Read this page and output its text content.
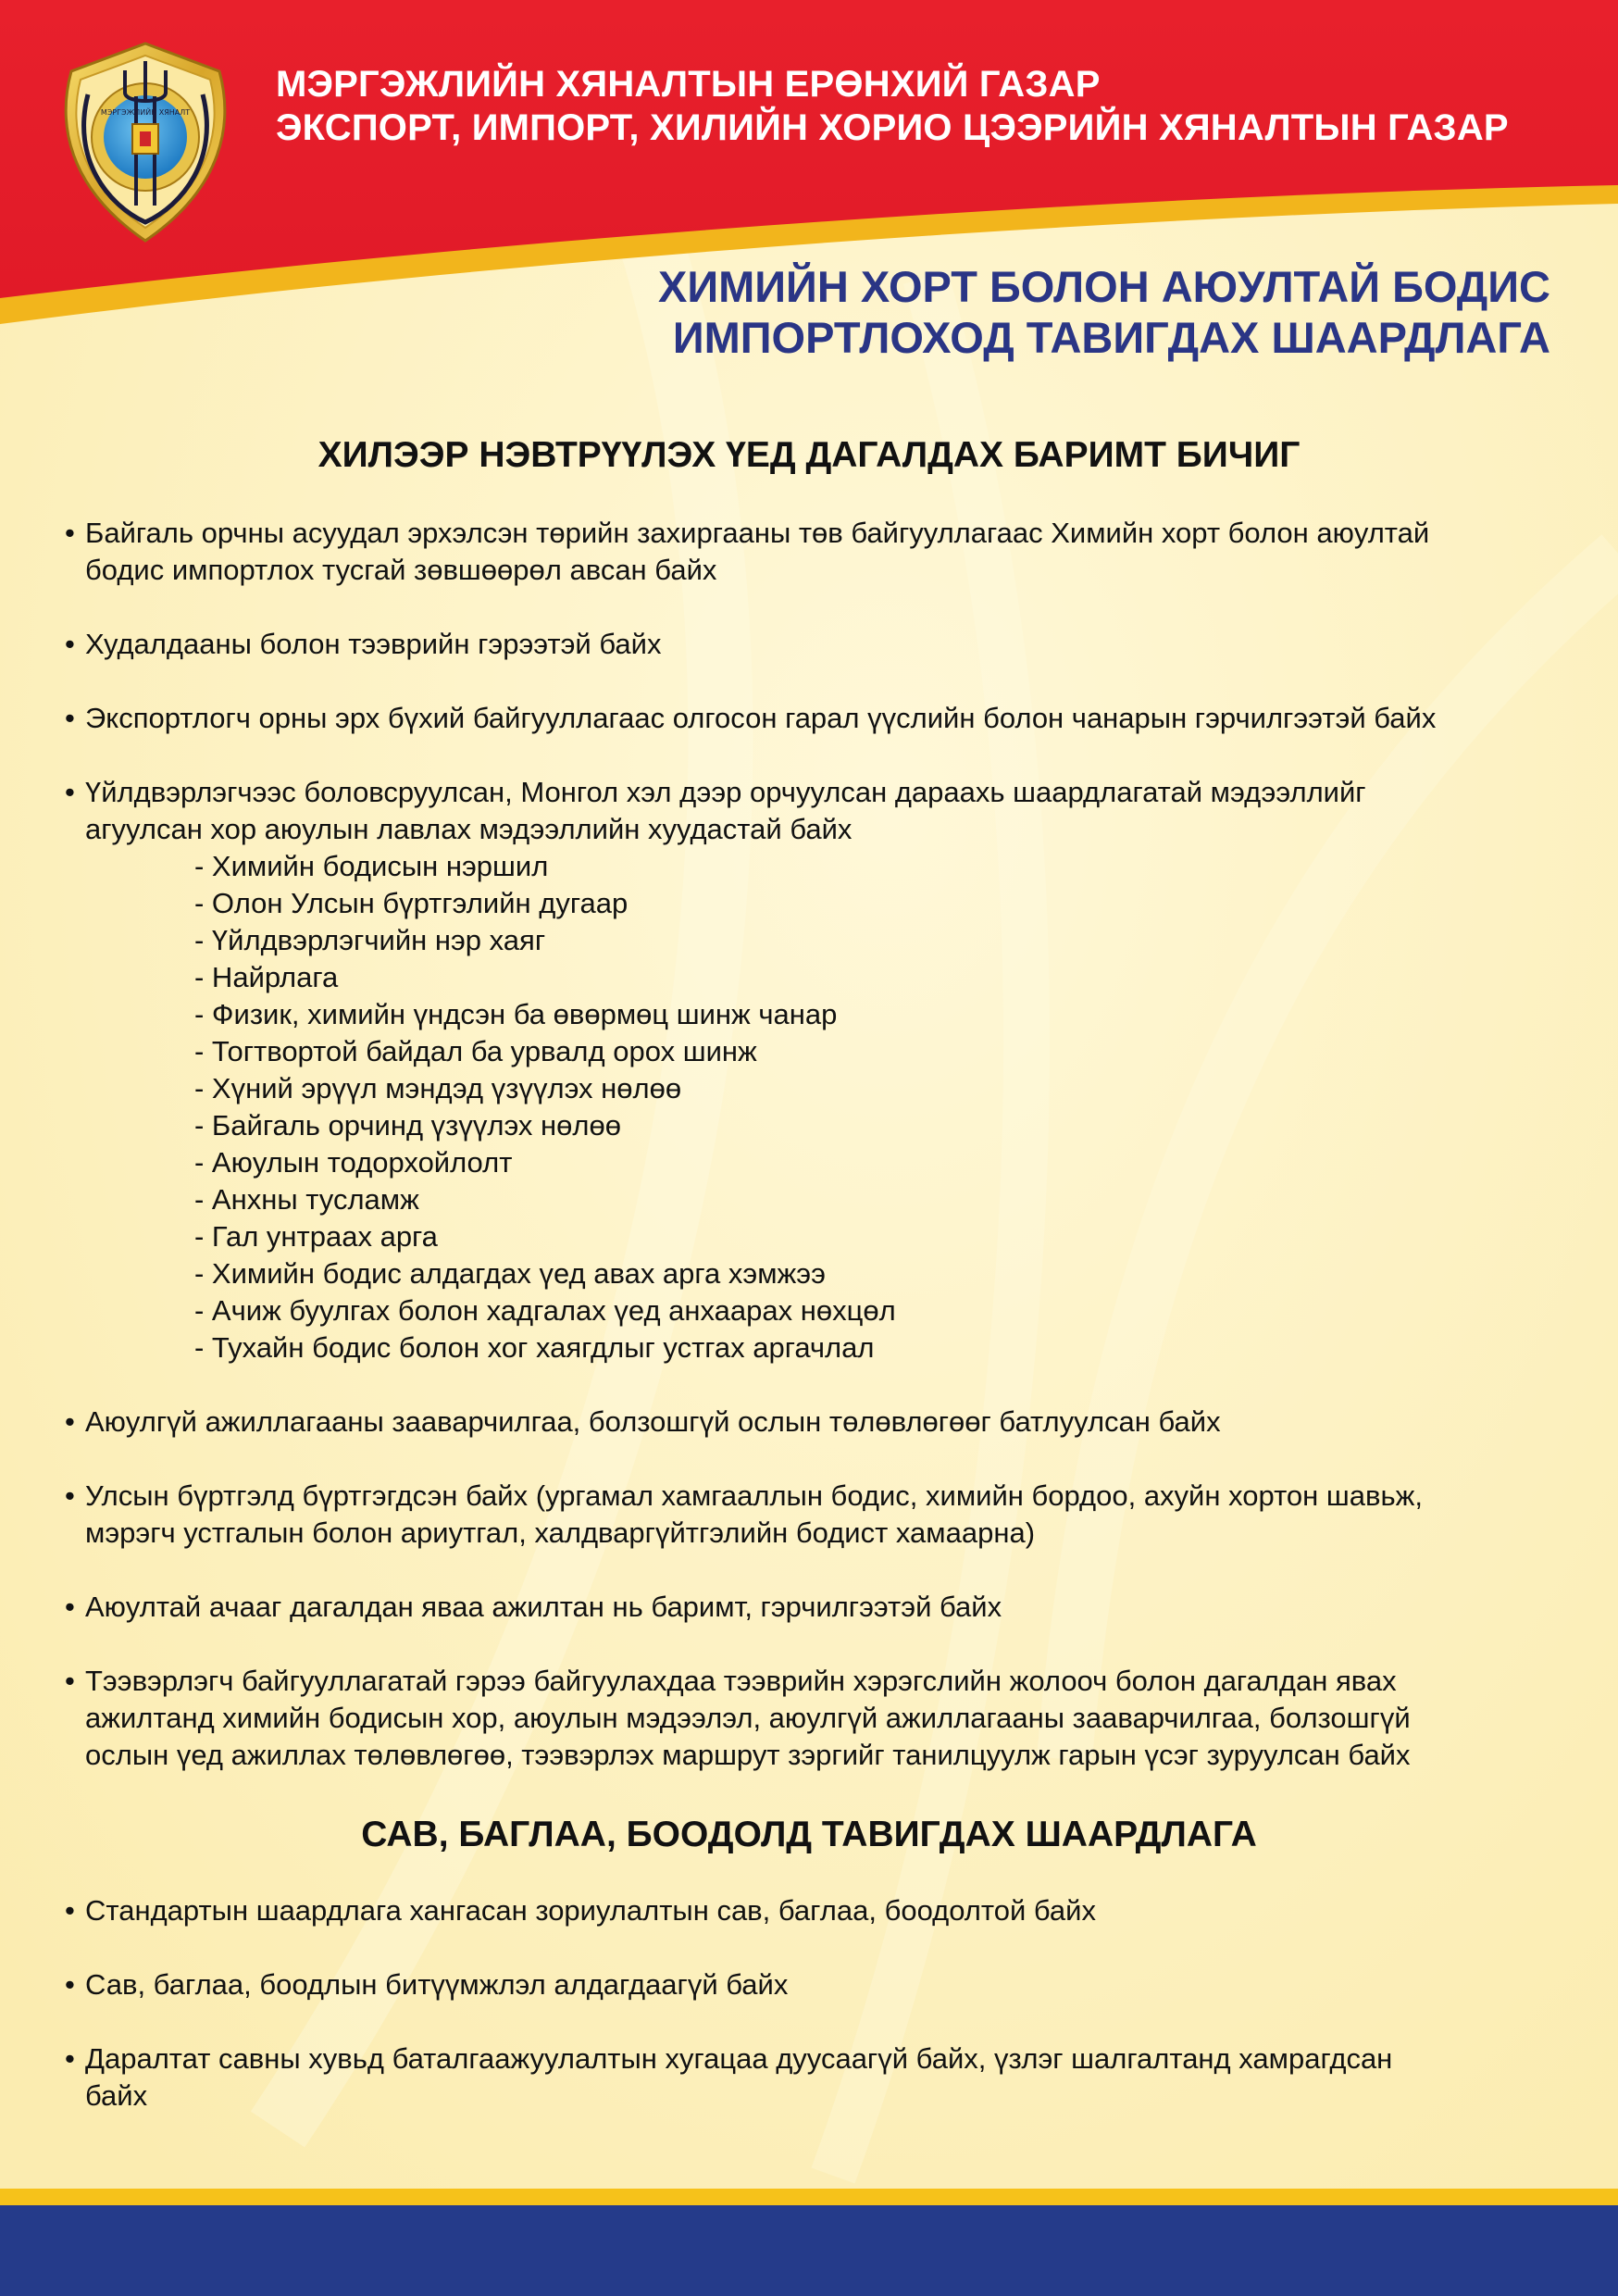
МЭРГЭЖЛИЙН ХЯНАЛТ
МЭРГЭЖЛИЙН ХЯНАЛТЫН ЕРӨНХИЙ ГАЗАР
ЭКСПОРТ, ИМПОРТ, ХИЛИЙН ХОРИО ЦЭЭРИЙН ХЯНАЛТЫН ГАЗАР
ХИМИЙН ХОРТ БОЛОН АЮУЛТАЙ БОДИС
ИМПОРТЛОХОД ТАВИГДАХ ШААРДЛАГА
ХИЛЭЭР НЭВТРҮҮЛЭХ ҮЕД ДАГАЛДАХ БАРИМТ БИЧИГ
• Байгаль орчны асуудал эрхэлсэн төрийн захиргааны төв байгууллагаас Химийн хорт болон аюултай
бодис импортлох тусгай зөвшөөрөл авсан байх
• Худалдааны болон тээврийн гэрээтэй байх
• Экспортлогч орны эрх бүхий байгууллагаас олгосон гарал үүслийн болон чанарын гэрчилгээтэй байх
• Үйлдвэрлэгчээс боловсруулсан, Монгол хэл дээр орчуулсан дараахь шаардлагатай мэдээллийг
агуулсан хор аюулын лавлах мэдээллийн хуудастай байх
- Химийн бодисын нэршил
- Олон Улсын бүртгэлийн дугаар
- Үйлдвэрлэгчийн нэр хаяг
- Найрлага
- Физик, химийн үндсэн ба өвөрмөц шинж чанар
- Тогтвортой байдал ба урвалд орох шинж
- Хүний эрүүл мэндэд үзүүлэх нөлөө
- Байгаль орчинд үзүүлэх нөлөө
- Аюулын тодорхойлолт
- Анхны тусламж
- Гал унтраах арга
- Химийн бодис алдагдах үед авах арга хэмжээ
- Ачиж буулгах болон хадгалах үед анхаарах нөхцөл
- Тухайн бодис болон хог хаягдлыг устгах аргачлал
• Аюулгүй ажиллагааны зааварчилгаа, болзошгүй ослын төлөвлөгөөг батлуулсан байх
• Улсын бүртгэлд бүртгэгдсэн байх (ургамал хамгааллын бодис, химийн бордоо, ахуйн хортон шавьж,
мэрэгч устгалын болон ариутгал, халдваргүйтгэлийн бодист хамаарна)
• Аюултай ачааг дагалдан яваа ажилтан нь баримт, гэрчилгээтэй байх
• Тээвэрлэгч байгууллагатай гэрээ байгуулахдаа тээврийн хэрэгслийн жолооч болон дагалдан явах
ажилтанд химийн бодисын хор, аюулын мэдээлэл, аюулгүй ажиллагааны зааварчилгаа, болзошгүй
ослын үед ажиллах төлөвлөгөө, тээвэрлэх маршрут зэргийг танилцуулж гарын үсэг зуруулсан байх
САВ, БАГЛАА, БООДОЛД ТАВИГДАХ ШААРДЛАГА
• Стандартын шаардлага хангасан зориулалтын сав, баглаа, боодолтой байх
• Сав, баглаа, боодлын битүүмжлэл алдагдаагүй байх
• Даралтат савны хувьд баталгаажуулалтын хугацаа дуусаагүй байх, үзлэг шалгалтанд хамрагдсан
байх
